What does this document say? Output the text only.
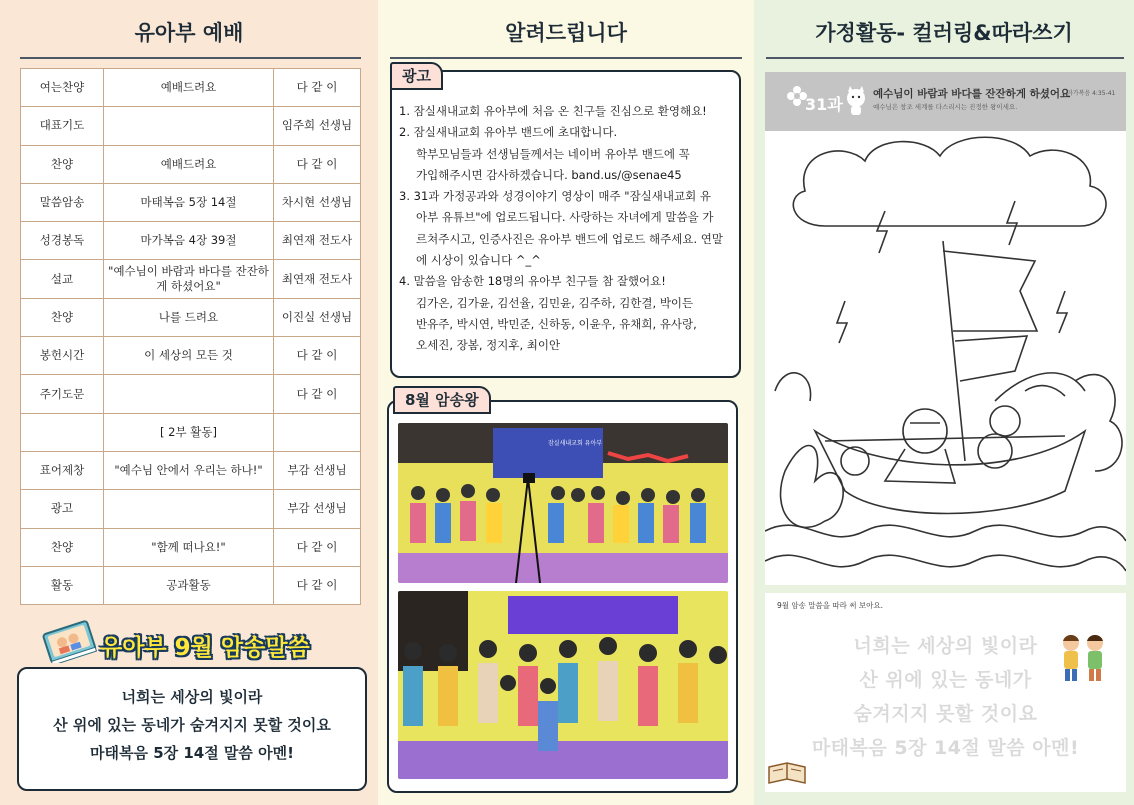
유아부 예배
여는찬양	예배드려요	다 같 이
대표기도		임주희 선생님
찬양	예배드려요	다 같 이
말씀암송	마태복음 5장 14절	차시현 선생님
성경봉독	마가복음 4장 39절	최연재 전도사
설교	"예수님이 바람과 바다를 잔잔하게 하셨어요"	최연재 전도사
찬양	나를 드려요	이진실 선생님
봉헌시간	이 세상의 모든 것	다 같 이
주기도문		다 같 이
	[ 2부 활동]	
표어제창	"예수님 안에서 우리는 하나!"	부감 선생님
광고		부감 선생님
찬양	"함께 떠나요!"	다 같 이
활동	공과활동	다 같 이
유아부 9월 암송말씀
너희는 세상의 빛이라
산 위에 있는 동네가 숨겨지지 못할 것이요
마태복음 5장 14절 말씀 아멘!
알려드립니다
1. 잠실새내교회 유아부에 처음 온 친구들 진심으로 환영해요!
2. 잠실새내교회 유아부 밴드에 초대합니다.
학부모님들과 선생님들께서는 네이버 유아부 밴드에 꼭
가입해주시면 감사하겠습니다. band.us/@senae45
3. 31과 가정공과와 성경이야기 영상이 매주 "잠실새내교회 유
아부 유튜브"에 업로드됩니다. 사랑하는 자녀에게 말씀을 가
르쳐주시고, 인증사진은 유아부 밴드에 업로드 해주세요. 연말
에 시상이 있습니다 ^_^
4. 말씀을 암송한 18명의 유아부 친구들 참 잘했어요!
김가온, 김가윤, 김선율, 김민윤, 김주하, 김한결, 박이든
반유주, 박시연, 박민준, 신하동, 이윤우, 유채희, 유사랑,
오세진, 장봄, 정지후, 최이안
광고
잠실새내교회 유아부
8월 암송왕
가정활동- 컬러링&따라쓰기
31과
예수님이 바람과 바다를 잔잔하게 하셨어요
마가복음 4:35-41
예수님은 창조 세계를 다스리시는 진정한 왕이세요.
9월 암송 말씀을 따라 써 보아요.
너희는 세상의 빛이라
산 위에 있는 동네가
숨겨지지 못할 것이요
마태복음 5장 14절 말씀 아멘!
